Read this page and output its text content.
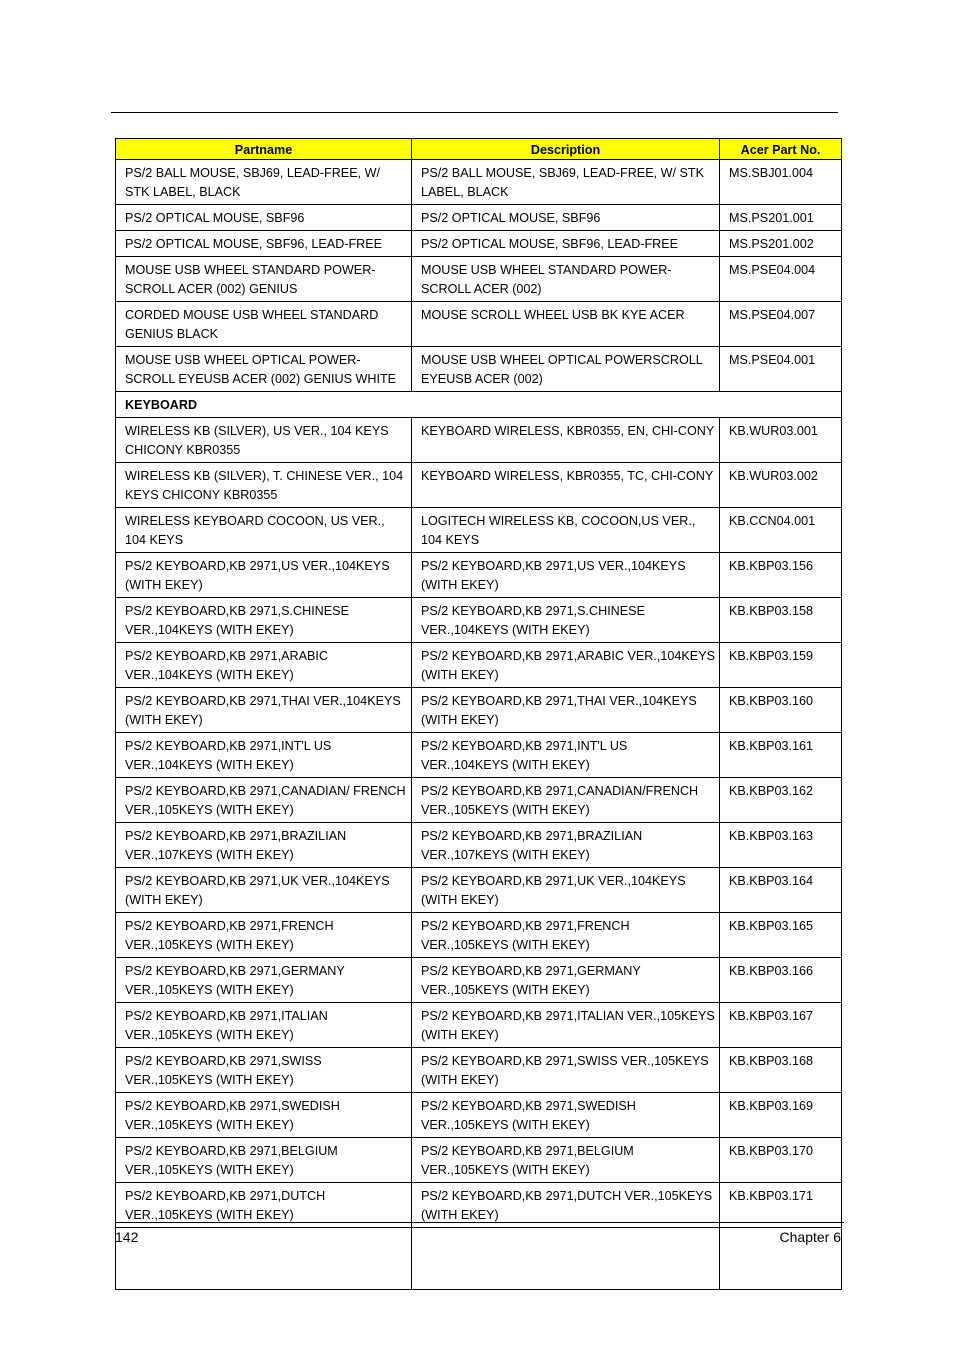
Partname	Description	Acer Part No.
PS/2 BALL MOUSE, SBJ69, LEAD-FREE, W/ STK LABEL, BLACK	PS/2 BALL MOUSE, SBJ69, LEAD-FREE, W/ STK LABEL, BLACK	MS.SBJ01.004
PS/2 OPTICAL MOUSE, SBF96	PS/2 OPTICAL MOUSE, SBF96	MS.PS201.001
PS/2 OPTICAL MOUSE, SBF96, LEAD-FREE	PS/2 OPTICAL MOUSE, SBF96, LEAD-FREE	MS.PS201.002
MOUSE USB WHEEL STANDARD POWER-SCROLL ACER (002) GENIUS	MOUSE USB WHEEL STANDARD POWER-SCROLL ACER (002)	MS.PSE04.004
CORDED MOUSE USB WHEEL STANDARD GENIUS BLACK	MOUSE SCROLL WHEEL USB BK KYE ACER	MS.PSE04.007
MOUSE USB WHEEL OPTICAL POWER-SCROLL EYEUSB ACER (002) GENIUS WHITE	MOUSE USB WHEEL OPTICAL POWERSCROLL EYEUSB ACER (002)	MS.PSE04.001
KEYBOARD		
WIRELESS KB (SILVER), US VER., 104 KEYS CHICONY KBR0355	KEYBOARD WIRELESS, KBR0355, EN, CHI-CONY	KB.WUR03.001
WIRELESS KB (SILVER), T. CHINESE VER., 104 KEYS CHICONY KBR0355	KEYBOARD WIRELESS, KBR0355, TC, CHI-CONY	KB.WUR03.002
WIRELESS KEYBOARD COCOON, US VER., 104 KEYS	LOGITECH WIRELESS KB, COCOON,US VER., 104 KEYS	KB.CCN04.001
PS/2 KEYBOARD,KB 2971,US VER.,104KEYS (WITH EKEY)	PS/2 KEYBOARD,KB 2971,US VER.,104KEYS (WITH EKEY)	KB.KBP03.156
PS/2 KEYBOARD,KB 2971,S.CHINESE VER.,104KEYS (WITH EKEY)	PS/2 KEYBOARD,KB 2971,S.CHINESE VER.,104KEYS (WITH EKEY)	KB.KBP03.158
PS/2 KEYBOARD,KB 2971,ARABIC VER.,104KEYS (WITH EKEY)	PS/2 KEYBOARD,KB 2971,ARABIC VER.,104KEYS (WITH EKEY)	KB.KBP03.159
PS/2 KEYBOARD,KB 2971,THAI VER.,104KEYS (WITH EKEY)	PS/2 KEYBOARD,KB 2971,THAI VER.,104KEYS (WITH EKEY)	KB.KBP03.160
PS/2 KEYBOARD,KB 2971,INT'L US VER.,104KEYS (WITH EKEY)	PS/2 KEYBOARD,KB 2971,INT'L US VER.,104KEYS (WITH EKEY)	KB.KBP03.161
PS/2 KEYBOARD,KB 2971,CANADIAN/ FRENCH VER.,105KEYS (WITH EKEY)	PS/2 KEYBOARD,KB 2971,CANADIAN/FRENCH VER.,105KEYS (WITH EKEY)	KB.KBP03.162
PS/2 KEYBOARD,KB 2971,BRAZILIAN VER.,107KEYS (WITH EKEY)	PS/2 KEYBOARD,KB 2971,BRAZILIAN VER.,107KEYS (WITH EKEY)	KB.KBP03.163
PS/2 KEYBOARD,KB 2971,UK VER.,104KEYS (WITH EKEY)	PS/2 KEYBOARD,KB 2971,UK VER.,104KEYS (WITH EKEY)	KB.KBP03.164
PS/2 KEYBOARD,KB 2971,FRENCH VER.,105KEYS (WITH EKEY)	PS/2 KEYBOARD,KB 2971,FRENCH VER.,105KEYS (WITH EKEY)	KB.KBP03.165
PS/2 KEYBOARD,KB 2971,GERMANY VER.,105KEYS (WITH EKEY)	PS/2 KEYBOARD,KB 2971,GERMANY VER.,105KEYS (WITH EKEY)	KB.KBP03.166
PS/2 KEYBOARD,KB 2971,ITALIAN VER.,105KEYS (WITH EKEY)	PS/2 KEYBOARD,KB 2971,ITALIAN VER.,105KEYS (WITH EKEY)	KB.KBP03.167
PS/2 KEYBOARD,KB 2971,SWISS VER.,105KEYS (WITH EKEY)	PS/2 KEYBOARD,KB 2971,SWISS VER.,105KEYS (WITH EKEY)	KB.KBP03.168
PS/2 KEYBOARD,KB 2971,SWEDISH VER.,105KEYS (WITH EKEY)	PS/2 KEYBOARD,KB 2971,SWEDISH VER.,105KEYS (WITH EKEY)	KB.KBP03.169
PS/2 KEYBOARD,KB 2971,BELGIUM VER.,105KEYS (WITH EKEY)	PS/2 KEYBOARD,KB 2971,BELGIUM VER.,105KEYS (WITH EKEY)	KB.KBP03.170
PS/2 KEYBOARD,KB 2971,DUTCH VER.,105KEYS (WITH EKEY)	PS/2 KEYBOARD,KB 2971,DUTCH VER.,105KEYS (WITH EKEY)	KB.KBP03.171

142	Chapter 6
